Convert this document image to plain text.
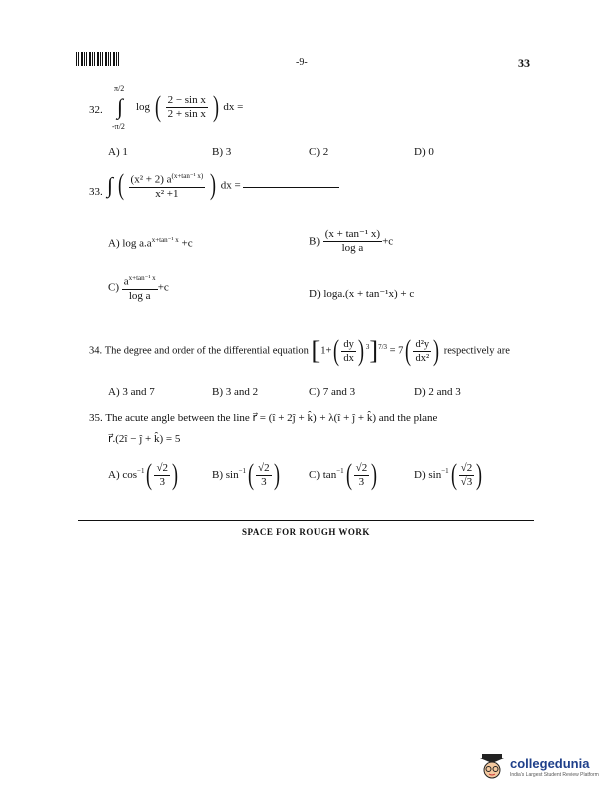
-9-	33
32.
π/2
∫
-π/2
log ( $\frac{\text{2 − sin x}}{\text{2 + sin x}}$ ) dx =
A) 1	B) 3	C) 2	D) 0
33. ∫ ( $\frac{(x^2 + 2) a^{(x+tan^{-1} x)}}{\text{x² +1}}$ ) dx =
A) $\log a.a^{x+tan^{-1} x} +c$	$B) \frac{\text{(x + tan⁻¹ x)}}{\text{log a}} +c$
$C) \frac{a^{x+tan^{-1} x}}{\text{log a}} +c$
D) loga.(x + tan⁻¹x) + c
34. The degree and order of the differential equation [$1+( \frac{dy}{dx}$ ) $^3]^{7/3} = 7( \frac{\text{d²y}}{\text{dx²}}$ ) respectively are
A) 3 and 7	B) 3 and 2	C) 7 and 3	D) 2 and 3
35. The acute angle between the line r⃗ = (î + 2ĵ + k̂) + λ(î + ĵ + k̂) and the plane
r⃗.(2î − ĵ + k̂) = 5
A) $\cos^{-1}( \frac{√2}{3}$ )	B) $\sin^{-1}( \frac{√2}{3}$ )	C) $\tan^{-1}( \frac{√2}{3}$ )	D) $\sin^{-1}( \frac{√2}{√3}$ )
SPACE FOR ROUGH WORK
collegedunia
India's Largest Student Review Platform
